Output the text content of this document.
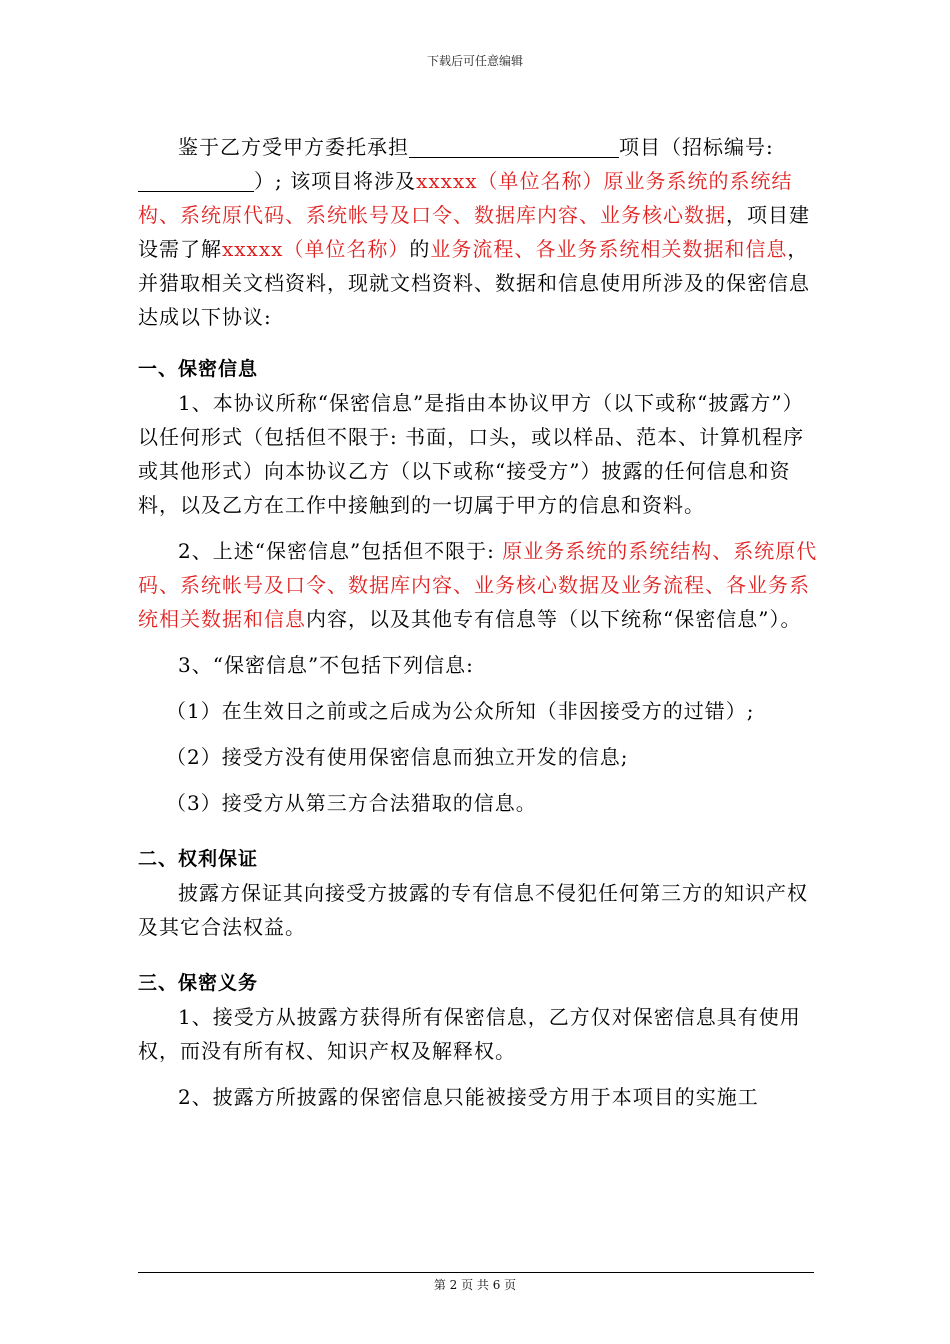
下载后可任意编辑

鉴于乙方受甲方委托承担	项目（招标编号:）; 该项目将涉及xxxxx（单位名称）原业务系统的系统结构、系统原代码、系统帐号及口令、数据库内容、业务核心数据，项目建设需了解xxxxx（单位名称）的业务流程、各业务系统相关数据和信息，并猎取相关文档资料，现就文档资料、数据和信息使用所涉及的保密信息达成以下协议:

一、保密信息

1、本协议所称“保密信息”是指由本协议甲方（以下或称“披露方”）以任何形式（包括但不限于: 书面，口头，或以样品、范本、计算机程序或其他形式）向本协议乙方（以下或称“接受方”）披露的任何信息和资料，以及乙方在工作中接触到的一切属于甲方的信息和资料。

2、上述“保密信息”包括但不限于: 原业务系统的系统结构、系统原代码、系统帐号及口令、数据库内容、业务核心数据及业务流程、各业务系统相关数据和信息内容，以及其他专有信息等（以下统称“保密信息”）。

3、“保密信息”不包括下列信息:

（1）在生效日之前或之后成为公众所知（非因接受方的过错）;

（2）接受方没有使用保密信息而独立开发的信息;

（3）接受方从第三方合法猎取的信息。

二、权利保证

披露方保证其向接受方披露的专有信息不侵犯任何第三方的知识产权及其它合法权益。

三、保密义务

1、接受方从披露方获得所有保密信息，乙方仅对保密信息具有使用权，而没有所有权、知识产权及解释权。

2、披露方所披露的保密信息只能被接受方用于本项目的实施工

第 2 页 共 6 页
